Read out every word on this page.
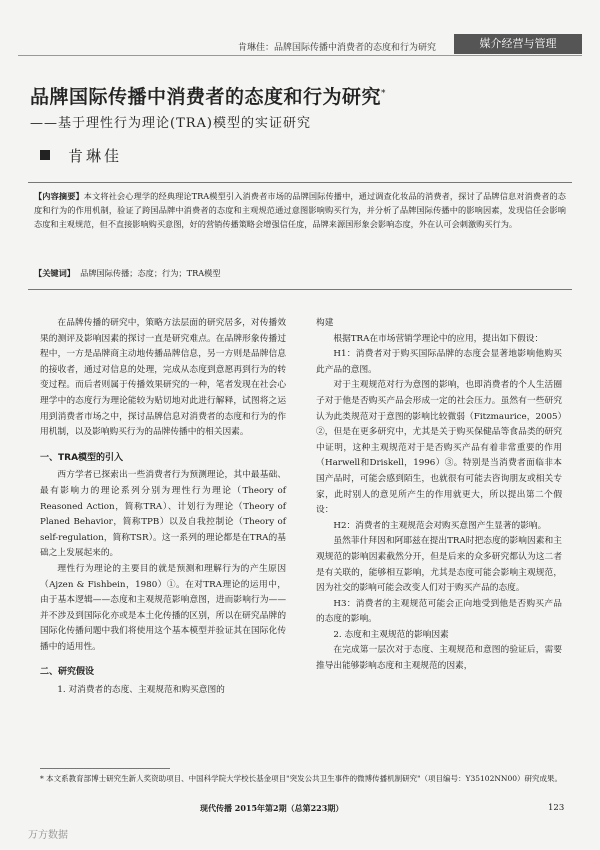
肯琳佳：品牌国际传播中消费者的态度和行为研究	媒介经营与管理
品牌国际传播中消费者的态度和行为研究*
——基于理性行为理论(TRA)模型的实证研究
肯琳佳
【内容摘要】本文将社会心理学的经典理论TRA模型引入消费者市场的品牌国际传播中，通过调查化妆品的消费者，探讨了品牌信息对消费者的态度和行为的作用机制，验证了跨国品牌中消费者的态度和主观规范通过意图影响购买行为，并分析了品牌国际传播中的影响因素，发现信任会影响态度和主观规范，但不直接影响购买意图，好的营销传播策略会增强信任度，品牌来源国形象会影响态度，外在认可会刺激购买行为。
【关键词】 品牌国际传播；态度；行为；TRA模型

在品牌传播的研究中，策略方法层面的研究居多，对传播效果的测评及影响因素的探讨一直是研究难点。在品牌形象传播过程中，一方是品牌商主动地传播品牌信息，另一方则是品牌信息的接收者，通过对信息的处理，完成从态度到意愿再到行为的转变过程。而后者则属于传播效果研究的一种，笔者发现在社会心理学中的态度行为理论能较为贴切地对此进行解释，试图将之运用到消费者市场之中，探讨品牌信息对消费者的态度和行为的作用机制，以及影响购买行为的品牌传播中的相关因素。

一、TRA模型的引入

西方学者已探索出一些消费者行为预测理论，其中最基础、最有影响力的理论系列分别为理性行为理论（Theory of Reasoned Action，简称TRA）、计划行为理论（Theory of Planed Behavior，简称TPB）以及自我控制论（Theory of self-regulation，简称TSR）。这一系列的理论都是在TRA的基础之上发展起来的。

理性行为理论的主要目的就是预测和理解行为的产生原因（Ajzen & Fishbein，1980）①。在对TRA理论的运用中，由于基本逻辑——态度和主观规范影响意图，进而影响行为——并不涉及到国际化亦或是本土化传播的区别，所以在研究品牌的国际化传播问题中我们将使用这个基本模型并验证其在国际化传播中的适用性。

二、研究假设

1. 对消费者的态度、主观规范和购买意图的

构建

根据TRA在市场营销学理论中的应用，提出如下假设：

H1：消费者对于购买国际品牌的态度会显著地影响他购买此产品的意图。

对于主观规范对行为意图的影响，也即消费者的个人生活圈子对于他是否购买产品会形成一定的社会压力。虽然有一些研究认为此类规范对于意图的影响比较微弱（Fitzmaurice，2005）②，但是在更多研究中，尤其是关于购买保健品等食品类的研究中证明，这种主观规范对于是否购买产品有着非常重要的作用（Harwell和Driskell，1996）③。特别是当消费者面临非本国产品时，可能会感到陌生，也就很有可能去咨询朋友或相关专家，此时别人的意见所产生的作用就更大，所以提出第二个假设：

H2：消费者的主观规范会对购买意图产生显著的影响。

虽然菲什拜因和阿耶兹在提出TRA时把态度的影响因素和主观规范的影响因素截然分开，但是后来的众多研究都认为这二者是有关联的，能够相互影响，尤其是态度可能会影响主观规范，因为社交的影响可能会改变人们对于购买产品的态度。

H3：消费者的主观规范可能会正向地受到他是否购买产品的态度的影响。

2. 态度和主观规范的影响因素

在完成第一层次对于态度、主观规范和意图的验证后，需要推导出能够影响态度和主观规范的因素，

* 本文系教育部博士研究生新人奖资助项目、中国科学院大学校长基金项目"突发公共卫生事件的微博传播机制研究"（项目编号：Y35102NN00）研究成果。
现代传播 2015年第2期（总第223期）	123
万方数据
